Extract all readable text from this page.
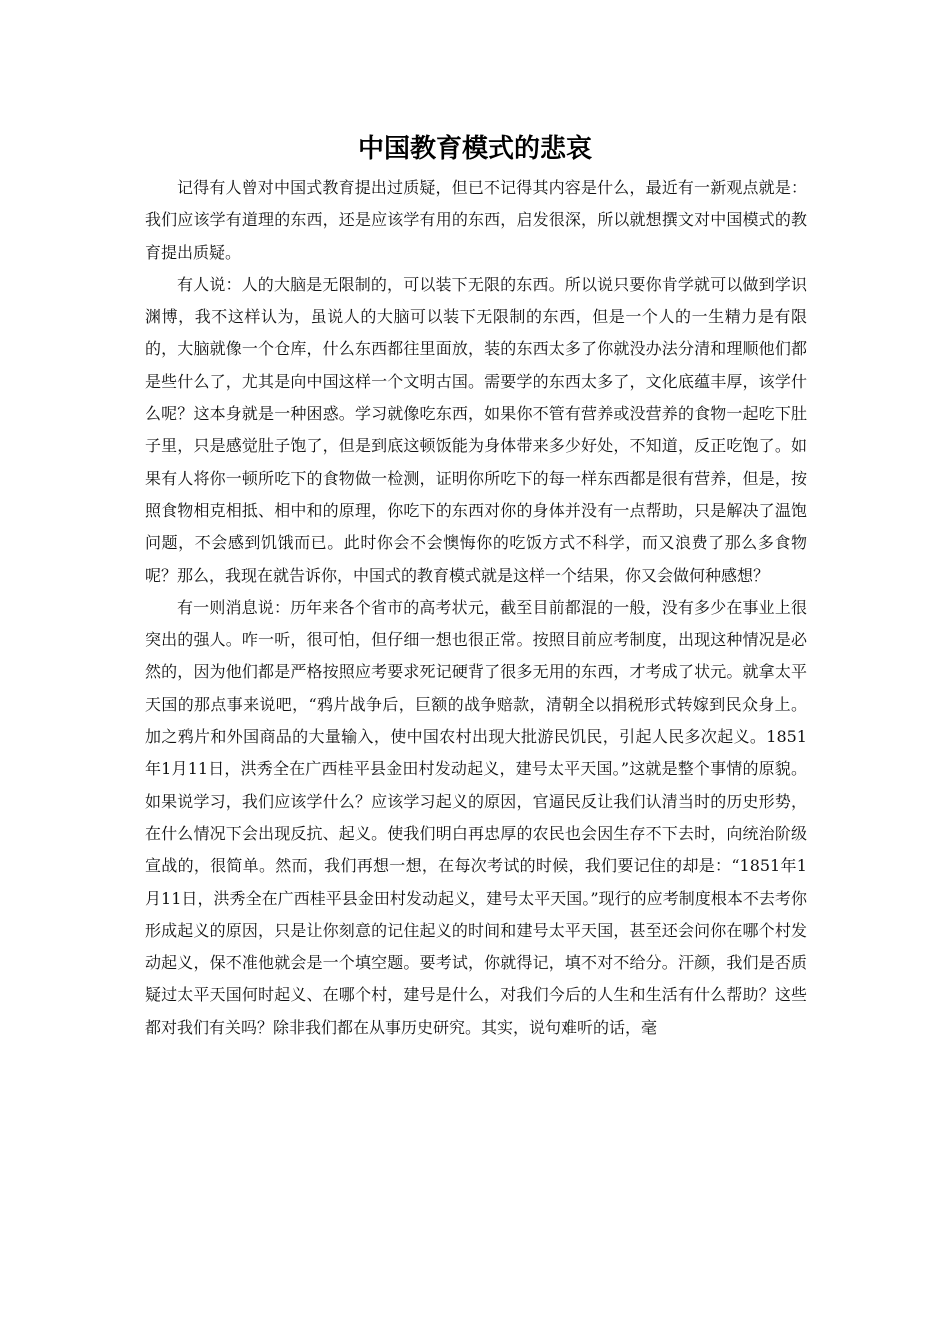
中国教育模式的悲哀

记得有人曾对中国式教育提出过质疑，但已不记得其内容是什么，最近有一新观点就是：我们应该学有道理的东西，还是应该学有用的东西，启发很深，所以就想撰文对中国模式的教育提出质疑。

有人说：人的大脑是无限制的，可以装下无限的东西。所以说只要你肯学就可以做到学识渊博，我不这样认为，虽说人的大脑可以装下无限制的东西，但是一个人的一生精力是有限的，大脑就像一个仓库，什么东西都往里面放，装的东西太多了你就没办法分清和理顺他们都是些什么了，尤其是向中国这样一个文明古国。需要学的东西太多了，文化底蕴丰厚，该学什么呢？这本身就是一种困惑。学习就像吃东西，如果你不管有营养或没营养的食物一起吃下肚子里，只是感觉肚子饱了，但是到底这顿饭能为身体带来多少好处，不知道，反正吃饱了。如果有人将你一顿所吃下的食物做一检测，证明你所吃下的每一样东西都是很有营养，但是，按照食物相克相抵、相中和的原理，你吃下的东西对你的身体并没有一点帮助，只是解决了温饱问题，不会感到饥饿而已。此时你会不会懊悔你的吃饭方式不科学，而又浪费了那么多食物呢？那么，我现在就告诉你，中国式的教育模式就是这样一个结果，你又会做何种感想？

有一则消息说：历年来各个省市的高考状元，截至目前都混的一般，没有多少在事业上很突出的强人。咋一听，很可怕，但仔细一想也很正常。按照目前应考制度，出现这种情况是必然的，因为他们都是严格按照应考要求死记硬背了很多无用的东西，才考成了状元。就拿太平天国的那点事来说吧，“鸦片战争后，巨额的战争赔款，清朝全以捐税形式转嫁到民众身上。加之鸦片和外国商品的大量输入，使中国农村出现大批游民饥民，引起人民多次起义。1851年1月11日，洪秀全在广西桂平县金田村发动起义，建号太平天国。”这就是整个事情的原貌。如果说学习，我们应该学什么？应该学习起义的原因，官逼民反让我们认清当时的历史形势，在什么情况下会出现反抗、起义。使我们明白再忠厚的农民也会因生存不下去时，向统治阶级宣战的，很简单。然而，我们再想一想，在每次考试的时候，我们要记住的却是：“1851年1月11日，洪秀全在广西桂平县金田村发动起义，建号太平天国。”现行的应考制度根本不去考你形成起义的原因，只是让你刻意的记住起义的时间和建号太平天国，甚至还会问你在哪个村发动起义，保不准他就会是一个填空题。要考试，你就得记，填不对不给分。汗颜，我们是否质疑过太平天国何时起义、在哪个村，建号是什么，对我们今后的人生和生活有什么帮助？这些都对我们有关吗？除非我们都在从事历史研究。其实，说句难听的话，毫
